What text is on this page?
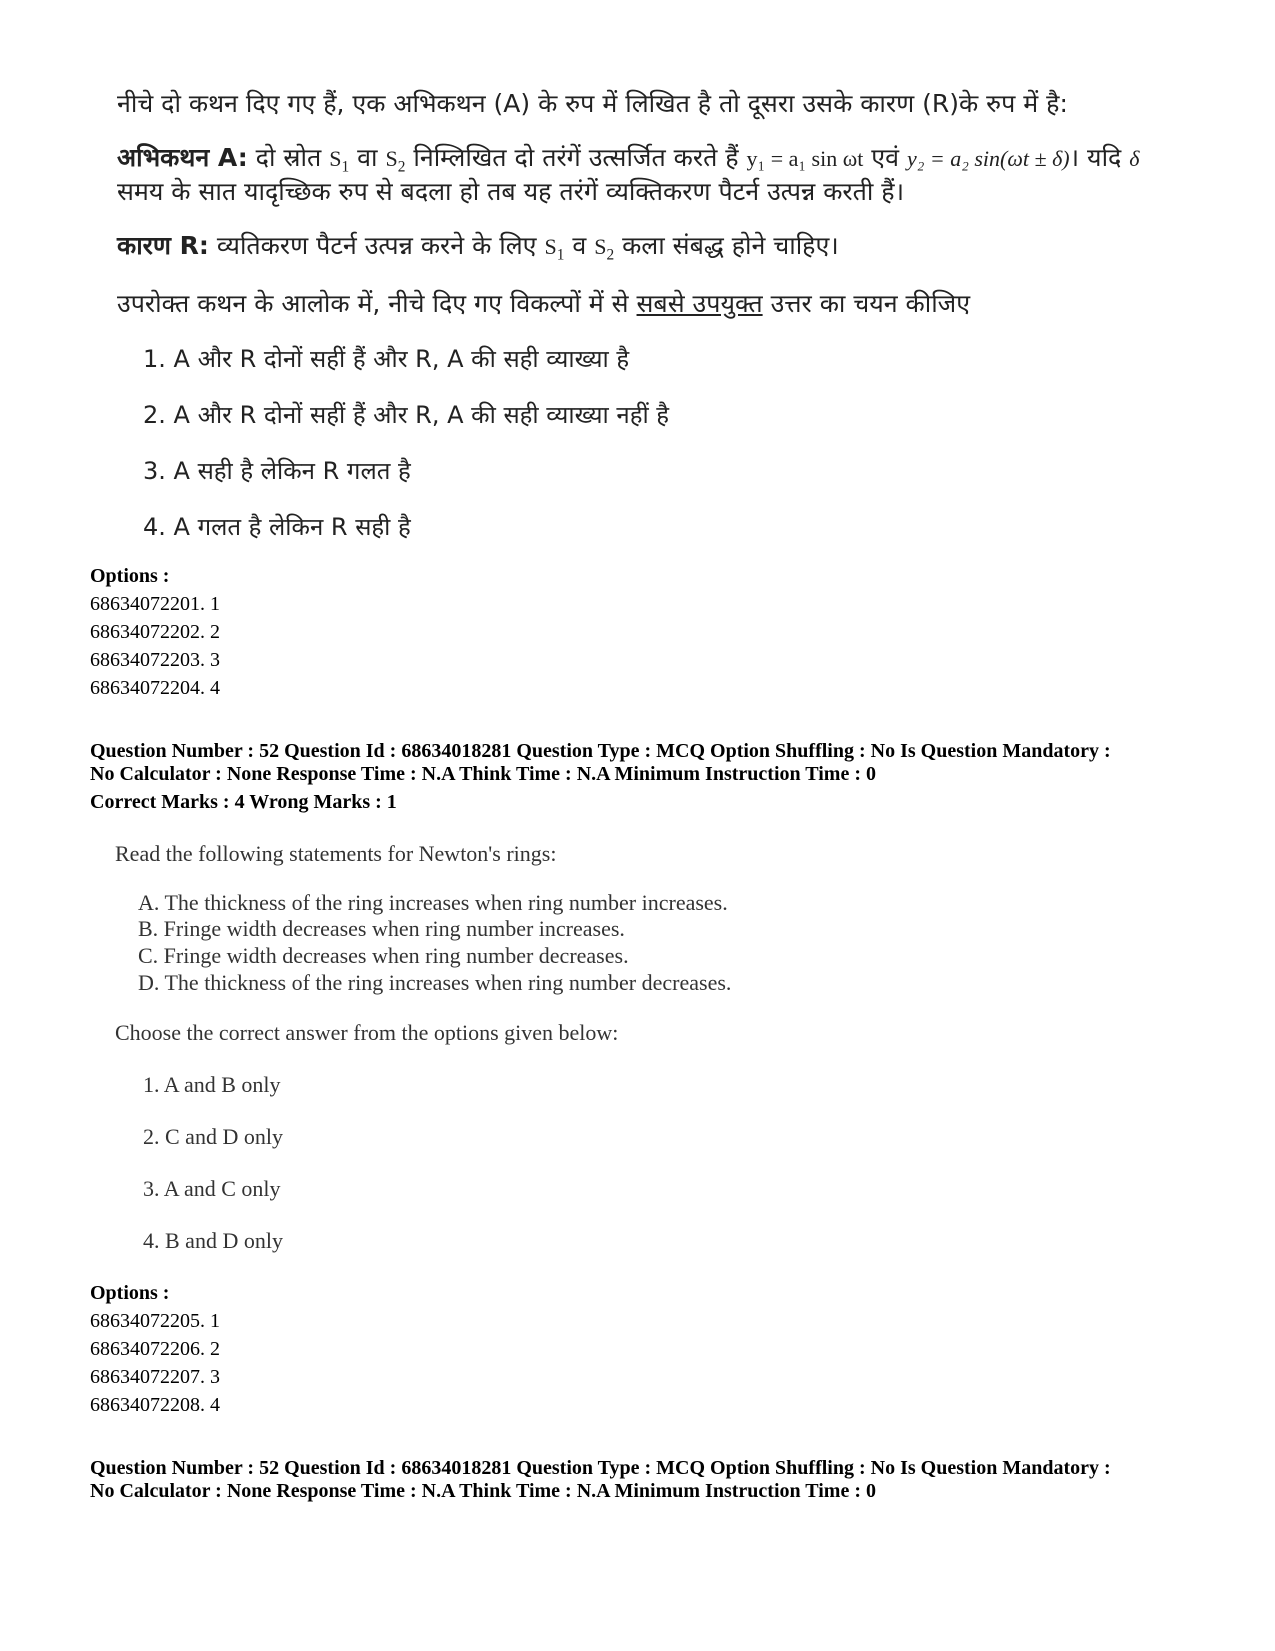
नीचे दो कथन दिए गए हैं, एक अभिकथन (A) के रुप में लिखित है तो दूसरा उसके कारण (R)के रुप में है:
अभिकथन A: दो स्रोत $S_1$ वा $S_2$ निम्लिखित दो तरंगें उत्सर्जित करते हैं y₁ = a₁ sin ωt एवं y₂ = a₂ sin(ωt ± δ)। यदि δ
समय के सात यादृच्छिक रुप से बदला हो तब यह तरंगें व्यक्तिकरण पैटर्न उत्पन्न करती हैं।
कारण R: व्यतिकरण पैटर्न उत्पन्न करने के लिए $S_1$ व $S_2$ कला संबद्ध होने चाहिए।
उपरोक्त कथन के आलोक में, नीचे दिए गए विकल्पों में से सबसे उपयुक्त उत्तर का चयन कीजिए
1. A और R दोनों सहीं हैं और R, A की सही व्याख्या है
2. A और R दोनों सहीं हैं और R, A की सही व्याख्या नहीं है
3. A सही है लेकिन R गलत है
4. A गलत है लेकिन R सही है
Options :
68634072201. 1
68634072202. 2
68634072203. 3
68634072204. 4
Question Number : 52 Question Id : 68634018281 Question Type : MCQ Option Shuffling : No Is Question Mandatory :
No Calculator : None Response Time : N.A Think Time : N.A Minimum Instruction Time : 0
Correct Marks : 4 Wrong Marks : 1
Read the following statements for Newton's rings:
A. The thickness of the ring increases when ring number increases.
B. Fringe width decreases when ring number increases.
C. Fringe width decreases when ring number decreases.
D. The thickness of the ring increases when ring number decreases.
Choose the correct answer from the options given below:
1. A and B only
2. C and D only
3. A and C only
4. B and D only
Options :
68634072205. 1
68634072206. 2
68634072207. 3
68634072208. 4
Question Number : 52 Question Id : 68634018281 Question Type : MCQ Option Shuffling : No Is Question Mandatory :
No Calculator : None Response Time : N.A Think Time : N.A Minimum Instruction Time : 0
